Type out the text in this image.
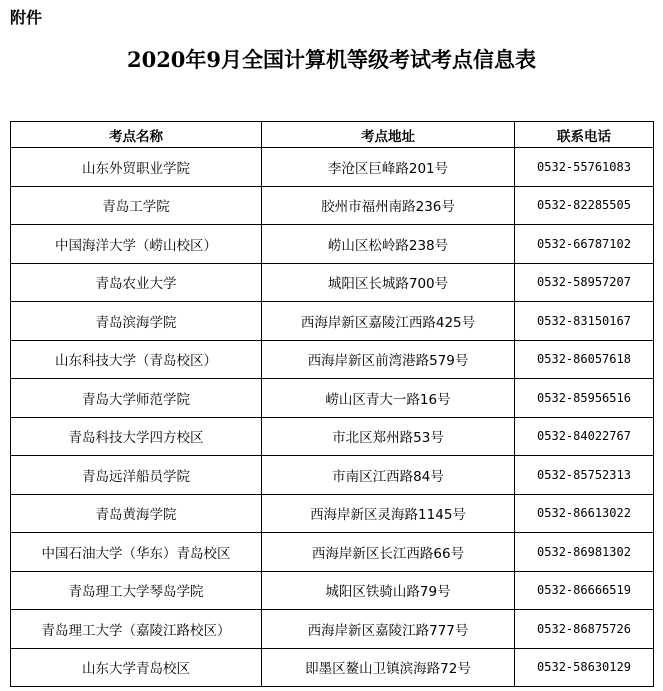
附件
2020年9月全国计算机等级考试考点信息表
考点名称	考点地址	联系电话
山东外贸职业学院	李沧区巨峰路201号	0532-55761083
青岛工学院	胶州市福州南路236号	0532-82285505
中国海洋大学（崂山校区）	崂山区松岭路238号	0532-66787102
青岛农业大学	城阳区长城路700号	0532-58957207
青岛滨海学院	西海岸新区嘉陵江西路425号	0532-83150167
山东科技大学（青岛校区）	西海岸新区前湾港路579号	0532-86057618
青岛大学师范学院	崂山区青大一路16号	0532-85956516
青岛科技大学四方校区	市北区郑州路53号	0532-84022767
青岛远洋船员学院	市南区江西路84号	0532-85752313
青岛黄海学院	西海岸新区灵海路1145号	0532-86613022
中国石油大学（华东）青岛校区	西海岸新区长江西路66号	0532-86981302
青岛理工大学琴岛学院	城阳区铁骑山路79号	0532-86666519
青岛理工大学（嘉陵江路校区）	西海岸新区嘉陵江路777号	0532-86875726
山东大学青岛校区	即墨区鳌山卫镇滨海路72号	0532-58630129
